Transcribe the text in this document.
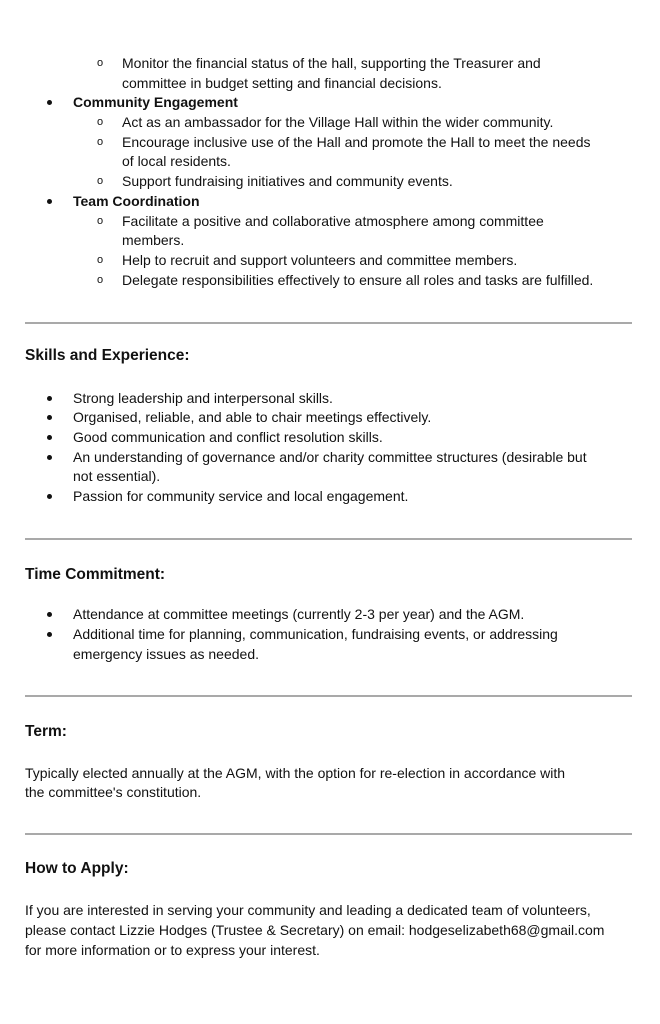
o Monitor the financial status of the hall, supporting the Treasurer and
committee in budget setting and financial decisions.
Community Engagement
o Act as an ambassador for the Village Hall within the wider community.
o Encourage inclusive use of the Hall and promote the Hall to meet the needs
of local residents.
o Support fundraising initiatives and community events.
Team Coordination
o Facilitate a positive and collaborative atmosphere among committee
members.
o Help to recruit and support volunteers and committee members.
o Delegate responsibilities effectively to ensure all roles and tasks are fulfilled.
Skills and Experience:
Strong leadership and interpersonal skills.
Organised, reliable, and able to chair meetings effectively.
Good communication and conflict resolution skills.
An understanding of governance and/or charity committee structures (desirable but
not essential).
Passion for community service and local engagement.
Time Commitment:
Attendance at committee meetings (currently 2-3 per year) and the AGM.
Additional time for planning, communication, fundraising events, or addressing
emergency issues as needed.
Term:
Typically elected annually at the AGM, with the option for re-election in accordance with
the committee's constitution.
How to Apply:
If you are interested in serving your community and leading a dedicated team of volunteers,
please contact Lizzie Hodges (Trustee & Secretary) on email: hodgeselizabeth68@gmail.com
for more information or to express your interest.
